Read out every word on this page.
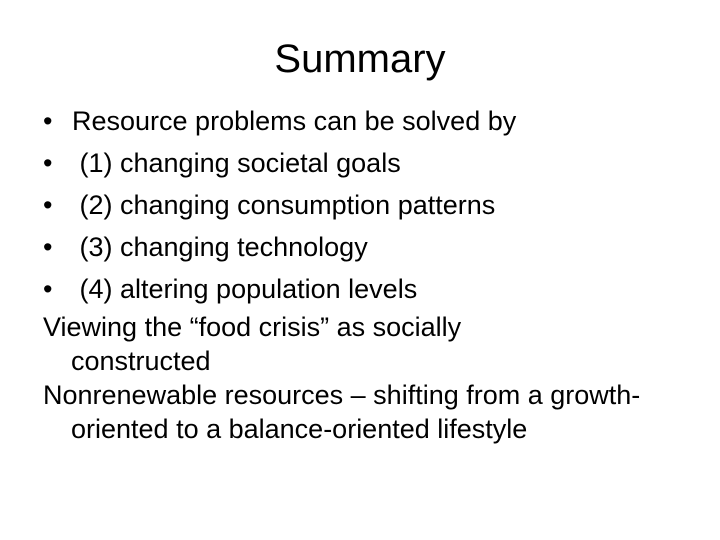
Summary
• Resource problems can be solved by
• (1) changing societal goals
• (2) changing consumption patterns
• (3) changing technology
• (4) altering population levels
Viewing the “food crisis” as socially constructed
Nonrenewable resources – shifting from a growth-oriented to a balance-oriented lifestyle
